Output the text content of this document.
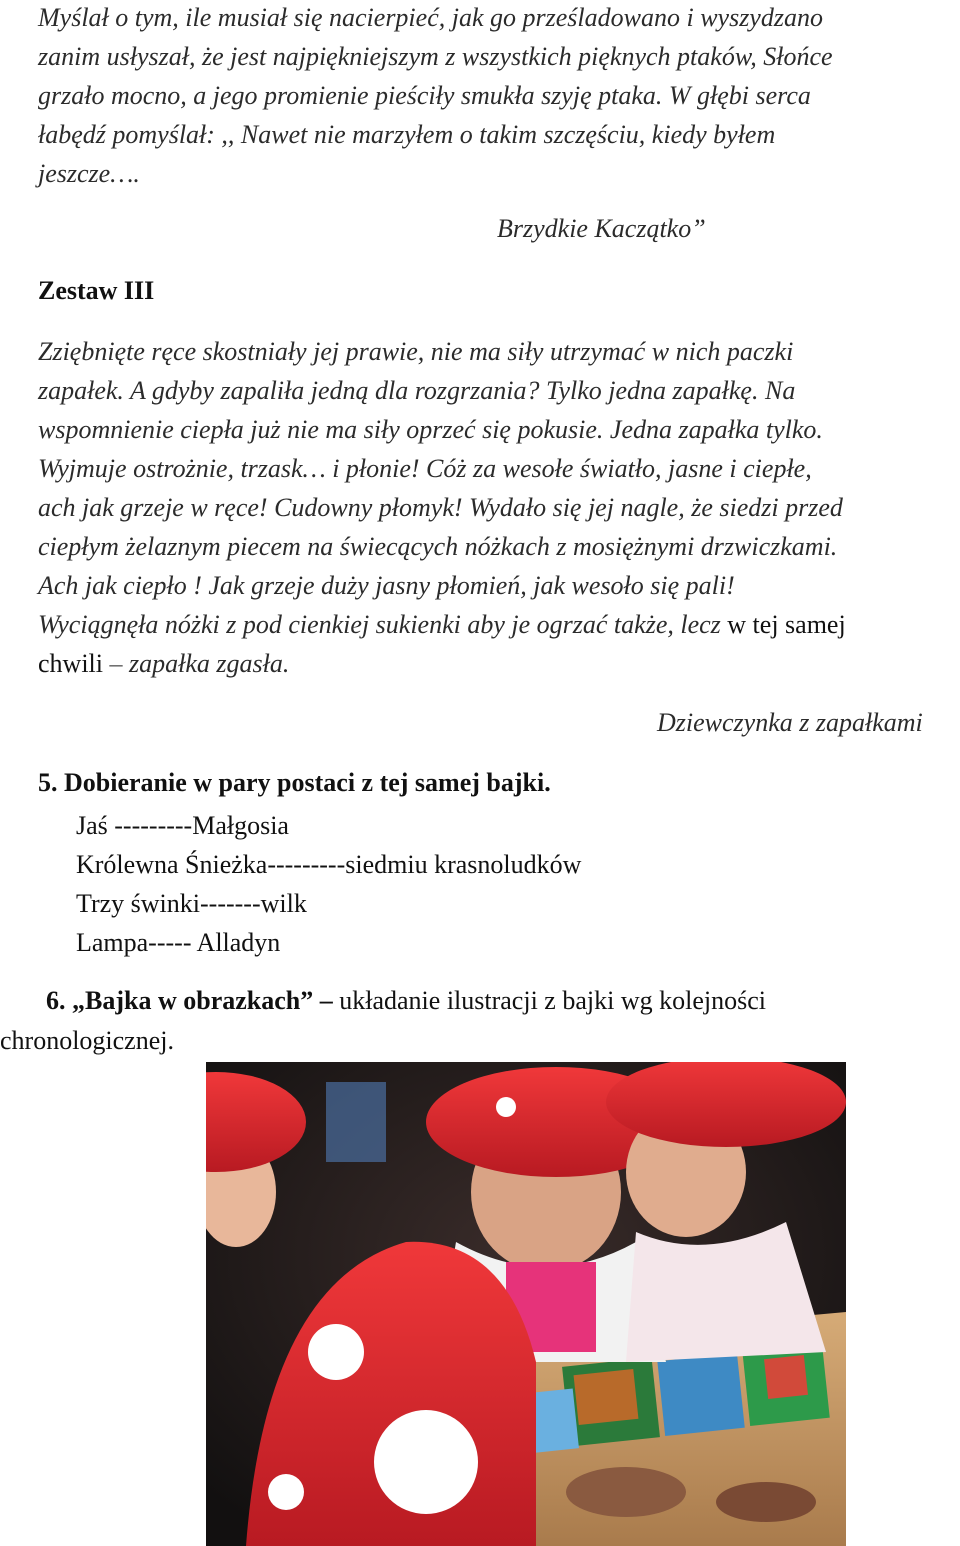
Myślał o tym, ile musiał się nacierpieć, jak go prześladowano i wyszydzano
zanim usłyszał, że jest najpiękniejszym z wszystkich pięknych ptaków, Słońce
grzało mocno, a jego promienie pieściły smukła szyję ptaka. W głębi serca
łabędź pomyślał: ,, Nawet nie marzyłem o takim szczęściu, kiedy byłem
jeszcze….
Brzydkie Kaczątko”
Zestaw III
Zziębnięte ręce skostniały jej prawie, nie ma siły utrzymać w nich paczki
zapałek. A gdyby zapaliła jedną dla rozgrzania? Tylko jedna zapałkę. Na
wspomnienie ciepła już nie ma siły oprzeć się pokusie. Jedna zapałka tylko.
Wyjmuje ostrożnie, trzask… i płonie! Cóż za wesołe światło, jasne i ciepłe,
ach jak grzeje w ręce! Cudowny płomyk! Wydało się jej nagle, że siedzi przed
ciepłym żelaznym piecem na świecących nóżkach z mosiężnymi drzwiczkami.
Ach jak ciepło ! Jak grzeje duży jasny płomień, jak wesoło się pali!
Wyciągnęła nóżki z pod cienkiej sukienki aby je ogrzać także, lecz w tej samej
chwili – zapałka zgasła.
Dziewczynka z zapałkami
5. Dobieranie w pary postaci z tej samej bajki.
Jaś ---------Małgosia
Królewna Śnieżka---------siedmiu krasnoludków
Trzy świnki-------wilk
Lampa----- Alladyn
6. „Bajka w obrazkach” – układanie ilustracji z bajki wg kolejności
chronologicznej.
